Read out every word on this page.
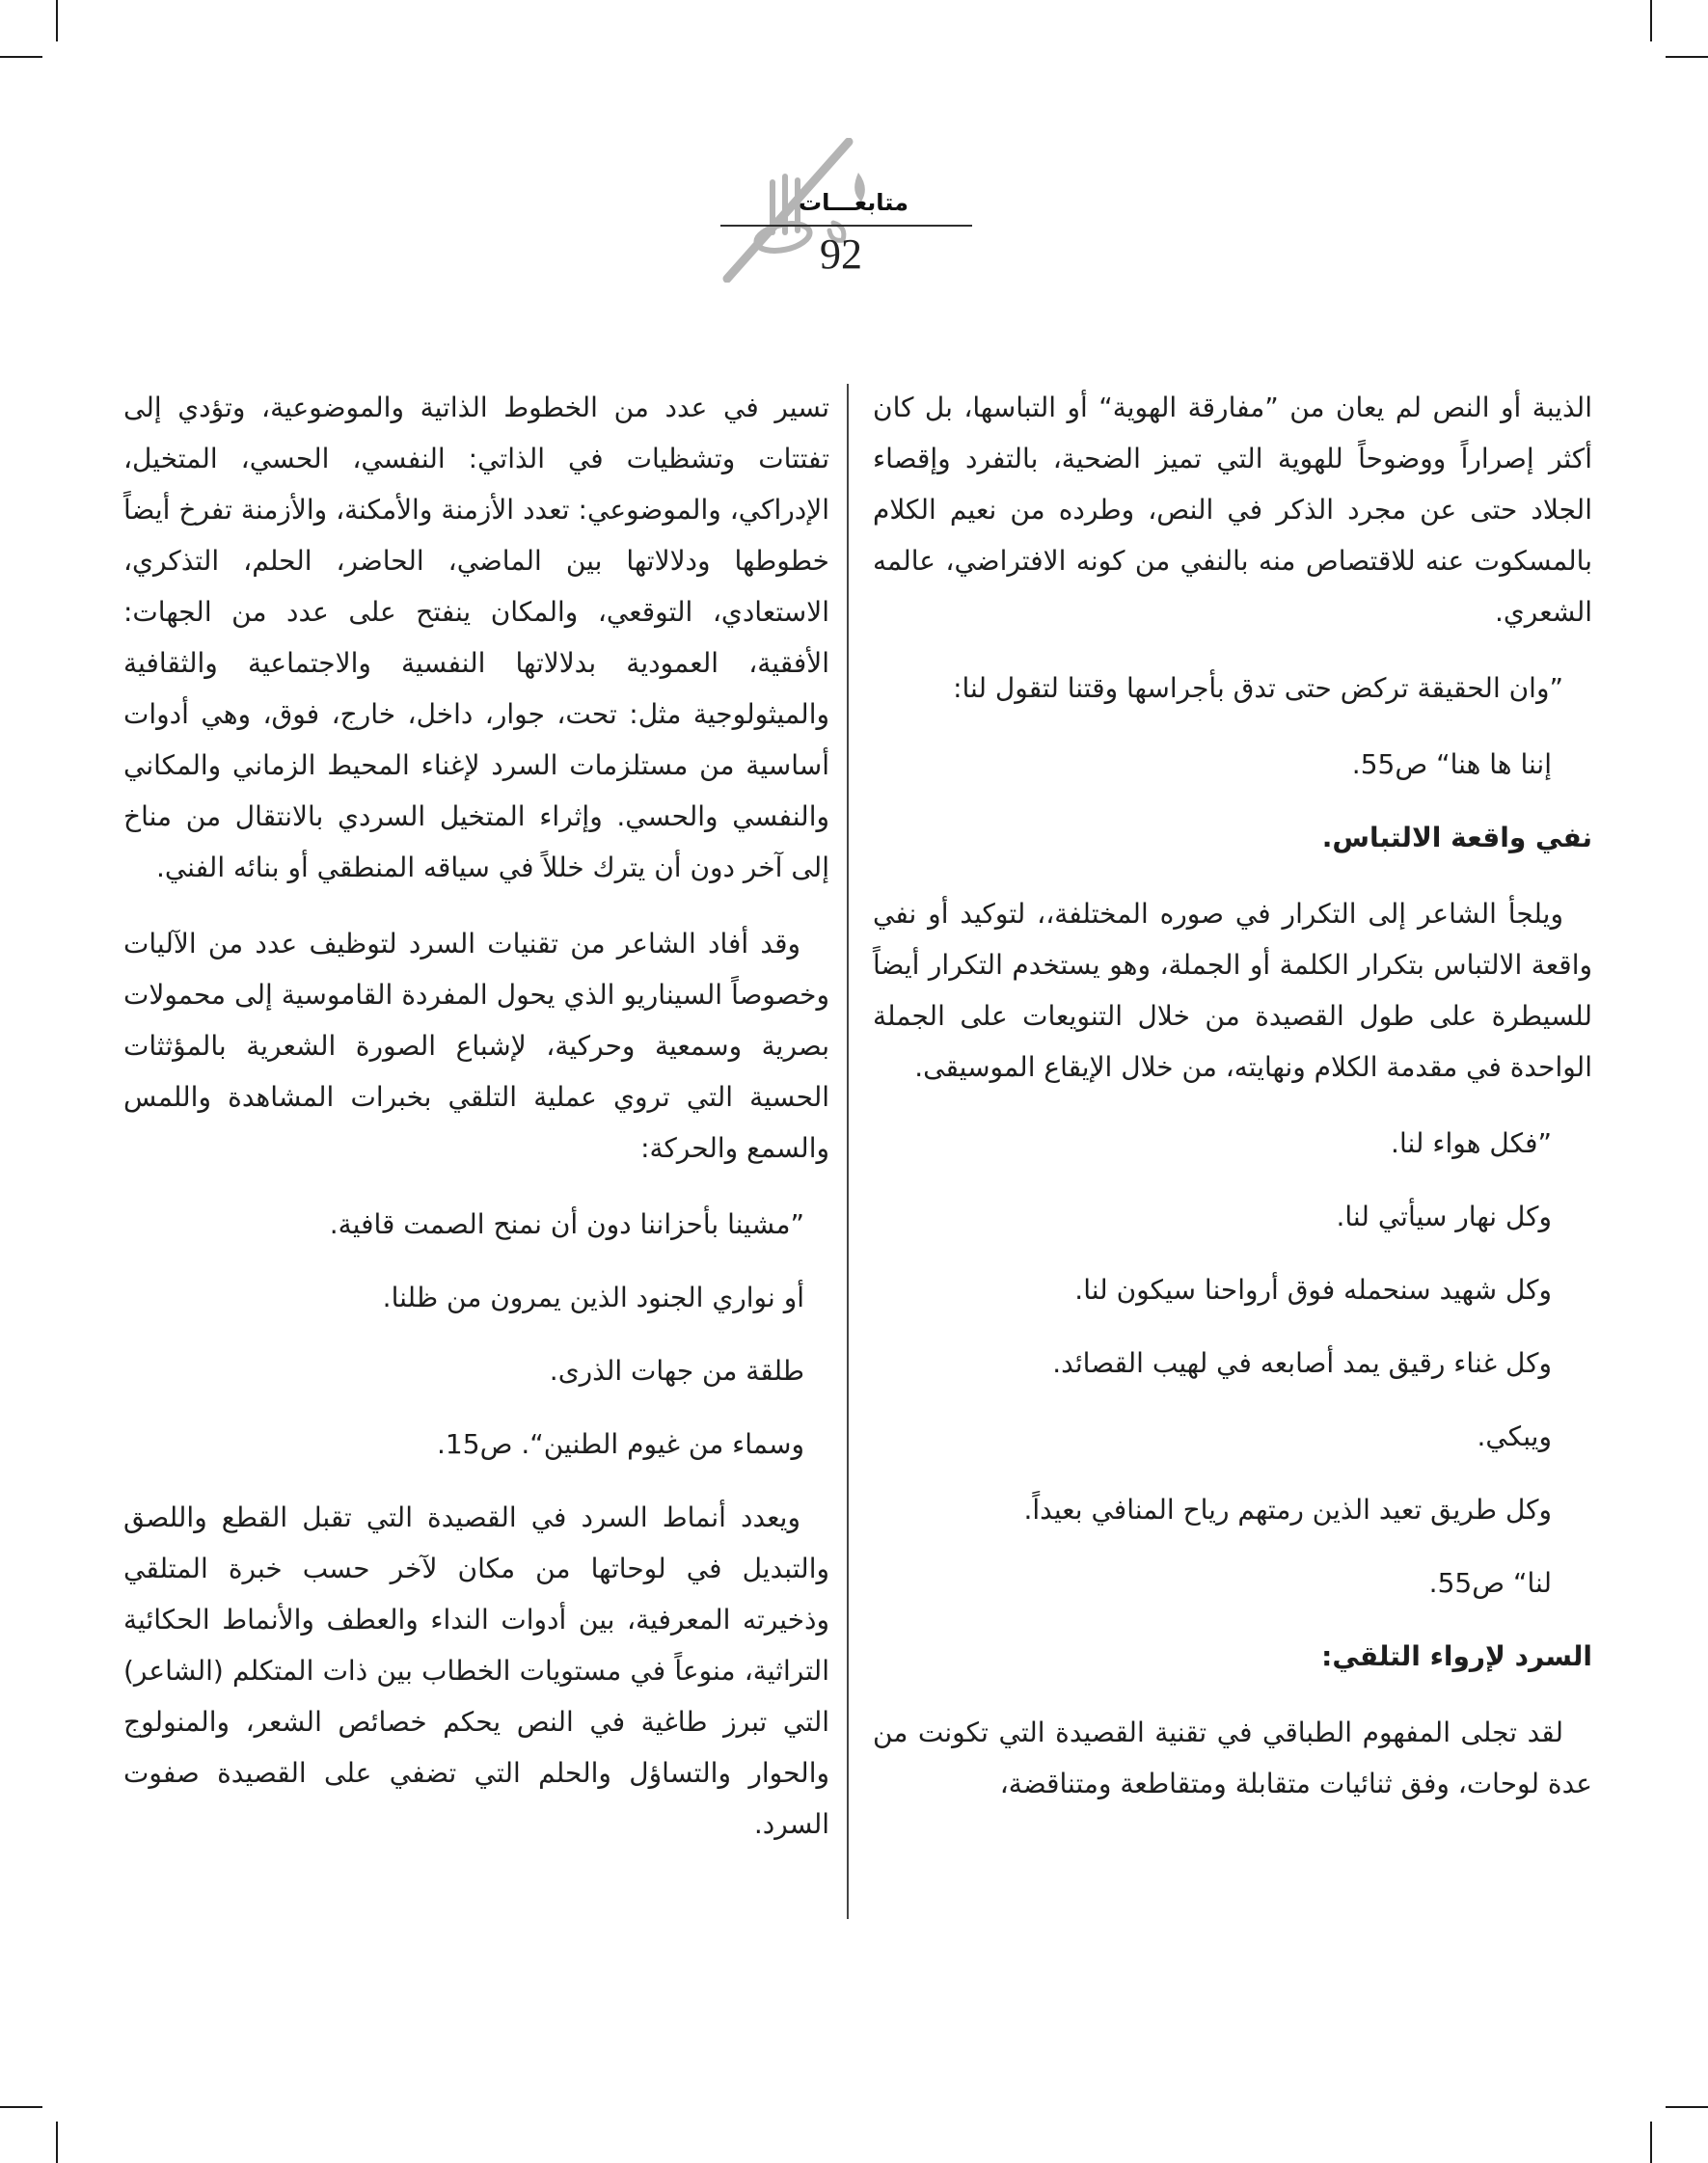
متابعـــات
92
الذيبة أو النص لم يعان من ”مفارقة الهوية“ أو التباسها، بل كان أكثر إصراراً ووضوحاً للهوية التي تميز الضحية، بالتفرد وإقصاء الجلاد حتى عن مجرد الذكر في النص، وطرده من نعيم الكلام بالمسكوت عنه للاقتصاص منه بالنفي من كونه الافتراضي، عالمه الشعري.
”وان الحقيقة تركض حتى تدق بأجراسها وقتنا لتقول لنا:
إننا ها هنا“ ص55.
نفي واقعة الالتباس.
ويلجأ الشاعر إلى التكرار في صوره المختلفة،، لتوكيد أو نفي واقعة الالتباس بتكرار الكلمة أو الجملة، وهو يستخدم التكرار أيضاً للسيطرة على طول القصيدة من خلال التنويعات على الجملة الواحدة في مقدمة الكلام ونهايته، من خلال الإيقاع الموسيقى.
”فكل هواء لنا.
وكل نهار سيأتي لنا.
وكل شهيد سنحمله فوق أرواحنا سيكون لنا.
وكل غناء رقيق يمد أصابعه في لهيب القصائد.
ويبكي.
وكل طريق تعيد الذين رمتهم رياح المنافي بعيداً.
لنا“ ص55.
السرد لإرواء التلقي:
لقد تجلى المفهوم الطباقي في تقنية القصيدة التي تكونت من عدة لوحات، وفق ثنائيات متقابلة ومتقاطعة ومتناقضة،
تسير في عدد من الخطوط الذاتية والموضوعية، وتؤدي إلى تفتتات وتشظيات في الذاتي: النفسي، الحسي، المتخيل، الإدراكي، والموضوعي: تعدد الأزمنة والأمكنة، والأزمنة تفرخ أيضاً خطوطها ودلالاتها بين الماضي، الحاضر، الحلم، التذكري، الاستعادي، التوقعي، والمكان ينفتح على عدد من الجهات: الأفقية، العمودية بدلالاتها النفسية والاجتماعية والثقافية والميثولوجية مثل: تحت، جوار، داخل، خارج، فوق، وهي أدوات أساسية من مستلزمات السرد لإغناء المحيط الزماني والمكاني والنفسي والحسي. وإثراء المتخيل السردي بالانتقال من مناخ إلى آخر دون أن يترك خللاً في سياقه المنطقي أو بنائه الفني.
وقد أفاد الشاعر من تقنيات السرد لتوظيف عدد من الآليات وخصوصاً السيناريو الذي يحول المفردة القاموسية إلى محمولات بصرية وسمعية وحركية، لإشباع الصورة الشعرية بالمؤثثات الحسية التي تروي عملية التلقي بخبرات المشاهدة واللمس والسمع والحركة:
”مشينا بأحزاننا دون أن نمنح الصمت قافية.
أو نواري الجنود الذين يمرون من ظلنا.
طلقة من جهات الذرى.
وسماء من غيوم الطنين“. ص15.
ويعدد أنماط السرد في القصيدة التي تقبل القطع واللصق والتبديل في لوحاتها من مكان لآخر حسب خبرة المتلقي وذخيرته المعرفية، بين أدوات النداء والعطف والأنماط الحكائية التراثية، منوعاً في مستويات الخطاب بين ذات المتكلم (الشاعر) التي تبرز طاغية في النص يحكم خصائص الشعر، والمنولوج والحوار والتساؤل والحلم التي تضفي على القصيدة صفوت السرد.
